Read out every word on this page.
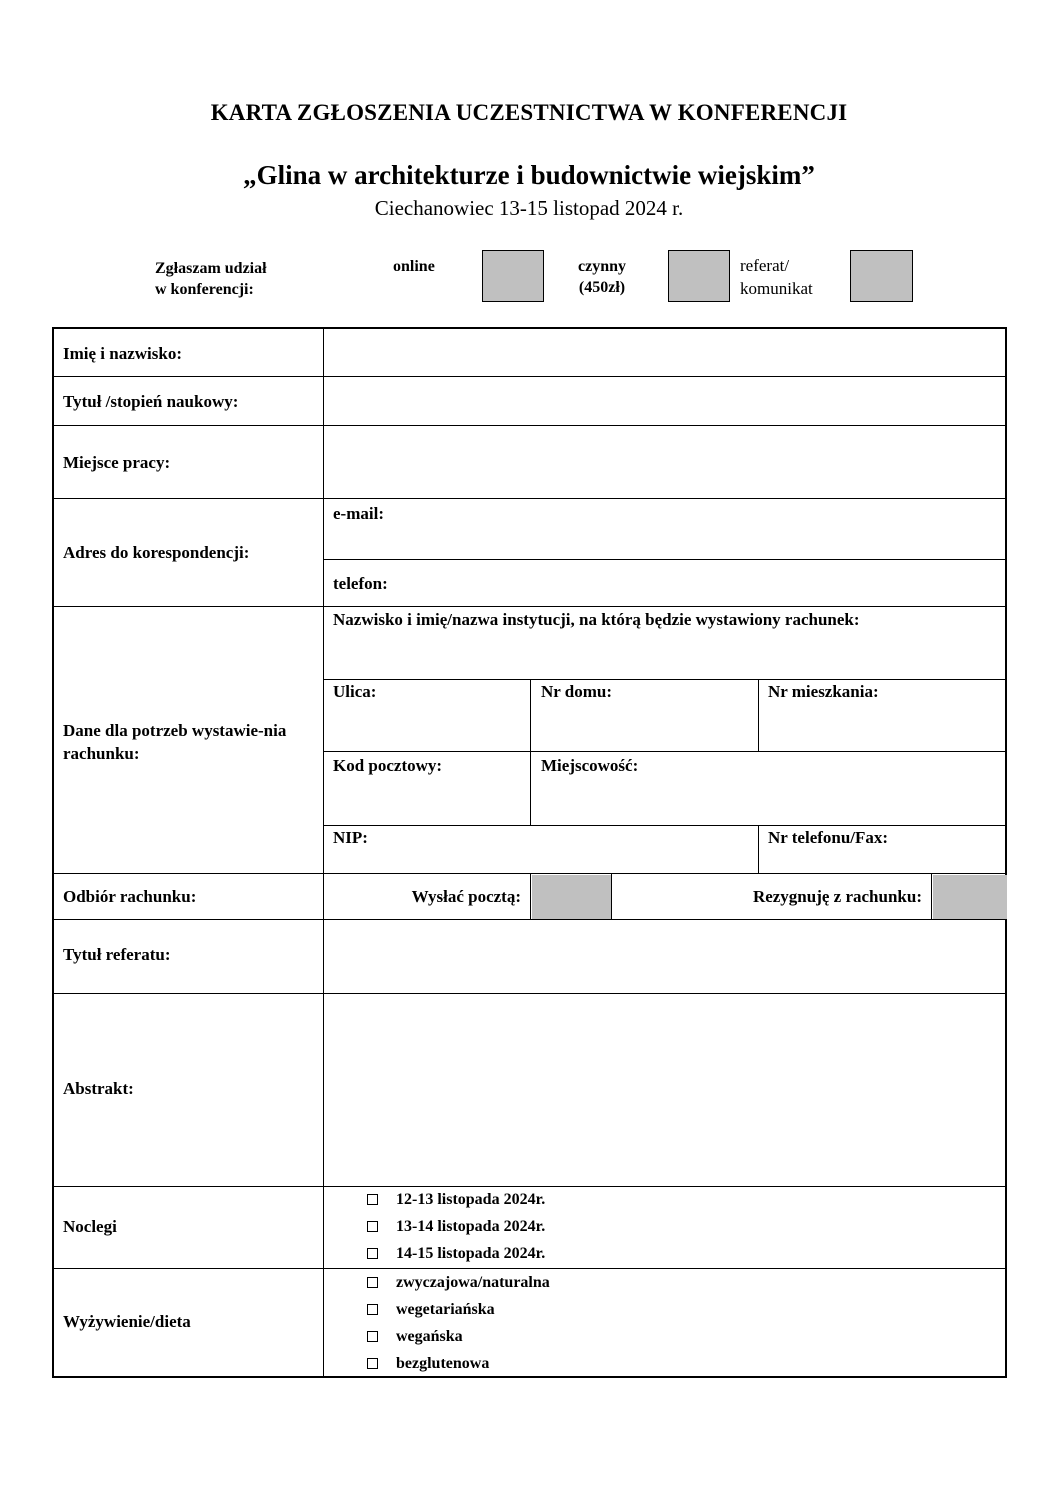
KARTA ZGŁOSZENIA UCZESTNICTWA W KONFERENCJI
„Glina w architekturze i budownictwie wiejskim”
Ciechanowiec 13-15 listopad 2024 r.
Zgłaszam udział
w konferencji:
online	czynny
(450zł)
referat/
komunikat
Imię i nazwisko:
Tytuł /stopień naukowy:
Miejsce pracy:
Adres do korespondencji:
e-mail:
telefon:
Dane dla potrzeb wystawie-nia rachunku:
Nazwisko i imię/nazwa instytucji, na którą będzie wystawiony rachunek:
Ulica:	Nr domu:	Nr mieszkania:
Kod pocztowy:	Miejscowość:
NIP:	Nr telefonu/Fax:
Odbiór rachunku:	Wysłać pocztą:	Rezygnuję z rachunku:
Tytuł referatu:
Abstrakt:
Noclegi
12-13 listopada 2024r.
13-14 listopada 2024r.
14-15 listopada 2024r.
Wyżywienie/dieta
zwyczajowa/naturalna
wegetariańska
wegańska
bezglutenowa
